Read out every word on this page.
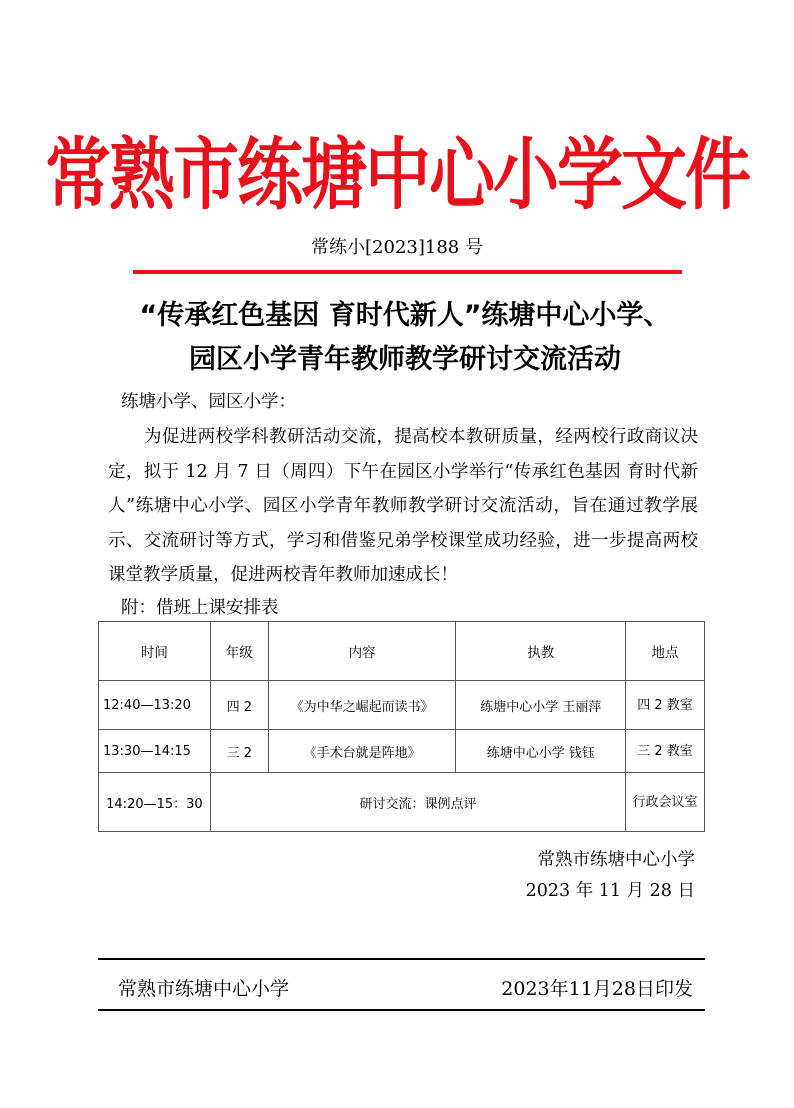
常熟市练塘中心小学文件
常练小[2023]188 号
“传承红色基因 育时代新人”练塘中心小学、
园区小学青年教师教学研讨交流活动
练塘小学、园区小学：
为促进两校学科教研活动交流，提高校本教研质量，经两校行政商议决定，拟于 12 月 7 日（周四）下午在园区小学举行“传承红色基因 育时代新人”练塘中心小学、园区小学青年教师教学研讨交流活动，旨在通过教学展示、交流研讨等方式，学习和借鉴兄弟学校课堂成功经验，进一步提高两校课堂教学质量，促进两校青年教师加速成长！
附：借班上课安排表
时间	年级	内容	执教	地点
12:40—13:20	四 2	《为中华之崛起而读书》	练塘中心小学 王丽萍	四 2 教室
13:30—14:15	三 2	《手术台就是阵地》	练塘中心小学 钱钰	三 2 教室
14:20—15：30	研讨交流：课例点评			行政会议室
常熟市练塘中心小学
2023 年 11 月 28 日
常熟市练塘中心小学	2023年11月28日印发
